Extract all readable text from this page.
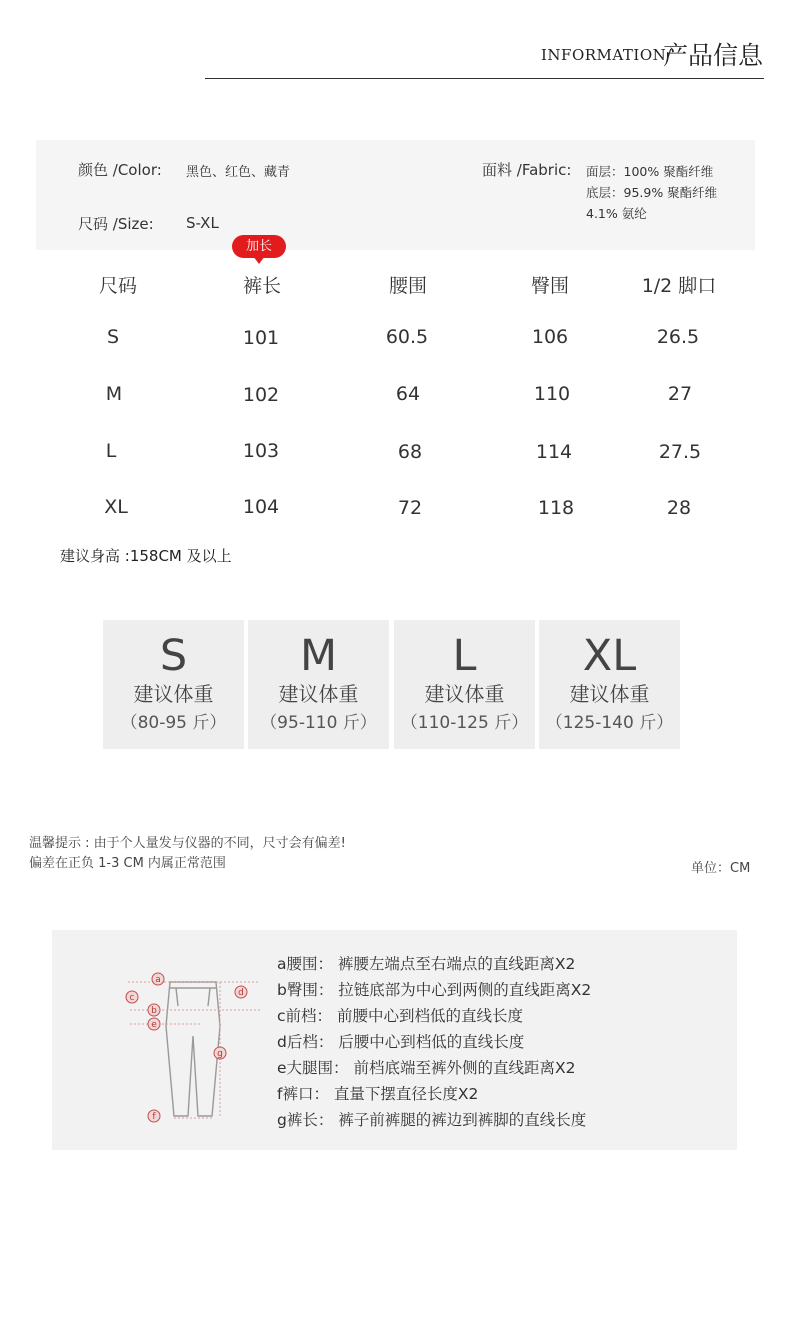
INFORMATION/
产品信息
颜色 /Color: 黑色、红色、藏青
尺码 /Size: S-XL
面料 /Fabric: 面层：100% 聚酯纤维
底层：95.9% 聚酯纤维
4.1% 氨纶
加长
尺码	裤长	腰围	臀围	1/2 脚口
S	101	60.5	106	26.5
M	102	64	110	27
L	103	68	114	27.5
XL	104	72	118	28
建议身高 :158CM 及以上
S
建议体重
（80-95 斤）
M
建议体重
（95-110 斤）
L
建议体重
（110-125 斤）
XL
建议体重
（125-140 斤）
温馨提示 : 由于个人量发与仪器的不同，尺寸会有偏差!
偏差在正负 1-3 CM 内属正常范围	单位：CM
a
c
b
e
d
g
f
a腰围： 裤腰左端点至右端点的直线距离X2
b臀围： 拉链底部为中心到两侧的直线距离X2
c前档： 前腰中心到档低的直线长度
d后档： 后腰中心到档低的直线长度
e大腿围： 前档底端至裤外侧的直线距离X2
f裤口： 直量下摆直径长度X2
g裤长： 裤子前裤腿的裤边到裤脚的直线长度
